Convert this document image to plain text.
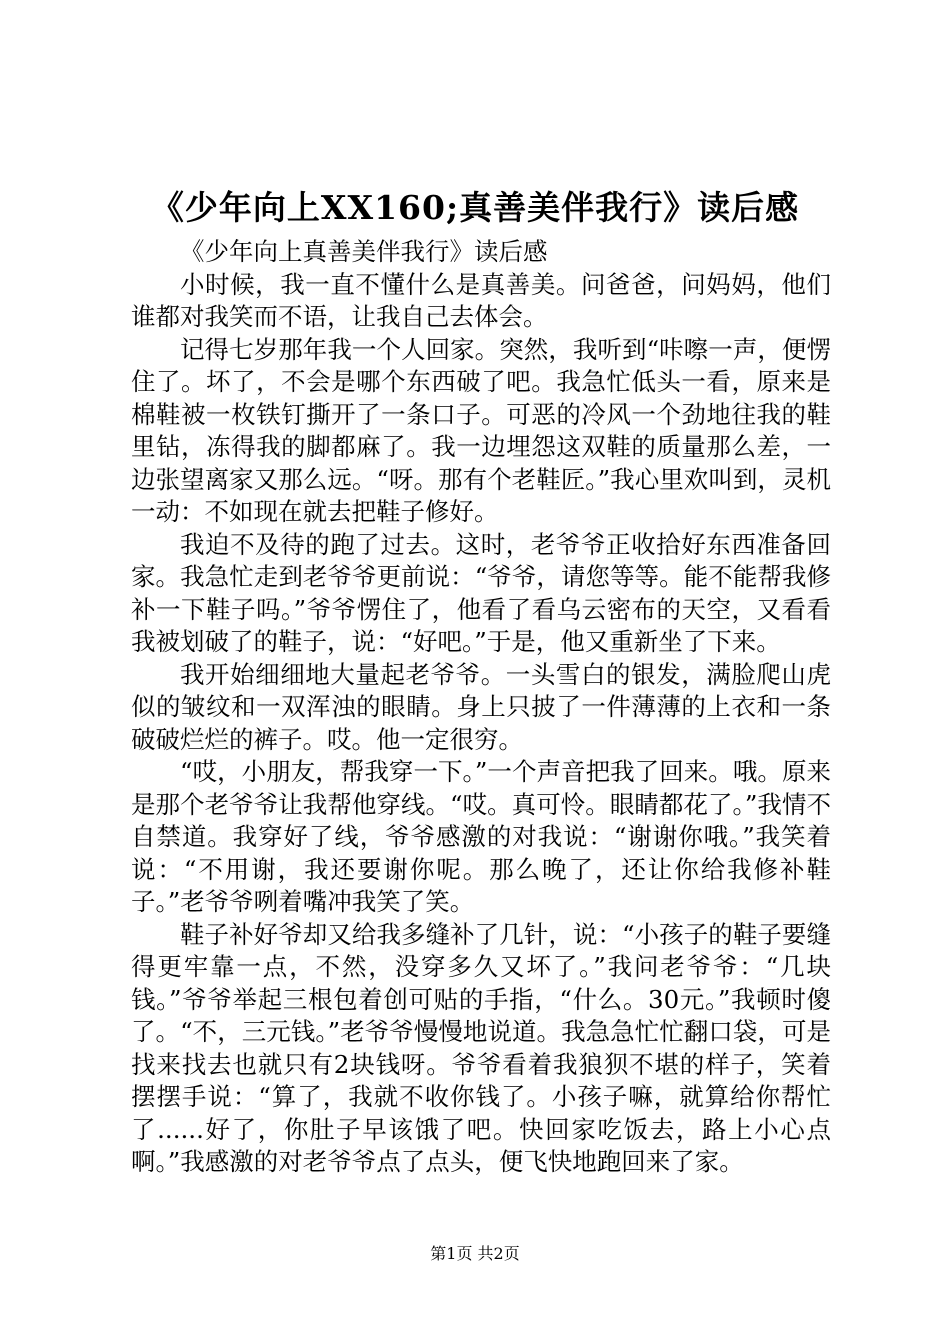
《少年向上XX160;真善美伴我行》读后感

《少年向上真善美伴我行》读后感

小时候，我一直不懂什么是真善美。问爸爸，问妈妈，他们谁都对我笑而不语，让我自己去体会。

记得七岁那年我一个人回家。突然，我听到“咔嚓一声，便愣住了。坏了，不会是哪个东西破了吧。我急忙低头一看，原来是棉鞋被一枚铁钉撕开了一条口子。可恶的冷风一个劲地往我的鞋里钻，冻得我的脚都麻了。我一边埋怨这双鞋的质量那么差，一边张望离家又那么远。“呀。那有个老鞋匠。”我心里欢叫到，灵机一动：不如现在就去把鞋子修好。

我迫不及待的跑了过去。这时，老爷爷正收拾好东西准备回家。我急忙走到老爷爷更前说：“爷爷，请您等等。能不能帮我修补一下鞋子吗。”爷爷愣住了，他看了看乌云密布的天空，又看看我被划破了的鞋子，说：“好吧。”于是，他又重新坐了下来。

我开始细细地大量起老爷爷。一头雪白的银发，满脸爬山虎似的皱纹和一双浑浊的眼睛。身上只披了一件薄薄的上衣和一条破破烂烂的裤子。哎。他一定很穷。

“哎，小朋友，帮我穿一下。”一个声音把我了回来。哦。原来是那个老爷爷让我帮他穿线。“哎。真可怜。眼睛都花了。”我情不自禁道。我穿好了线，爷爷感激的对我说：“谢谢你哦。”我笑着说：“不用谢，我还要谢你呢。那么晚了，还让你给我修补鞋子。”老爷爷咧着嘴冲我笑了笑。

鞋子补好爷却又给我多缝补了几针，说：“小孩子的鞋子要缝得更牢靠一点，不然，没穿多久又坏了。”我问老爷爷：“几块钱。”爷爷举起三根包着创可贴的手指，“什么。30元。”我顿时傻了。“不，三元钱。”老爷爷慢慢地说道。我急急忙忙翻口袋，可是找来找去也就只有2块钱呀。爷爷看着我狼狈不堪的样子，笑着摆摆手说：“算了，我就不收你钱了。小孩子嘛，就算给你帮忙了......好了，你肚子早该饿了吧。快回家吃饭去，路上小心点啊。”我感激的对老爷爷点了点头，便飞快地跑回来了家。

第1页 共2页
